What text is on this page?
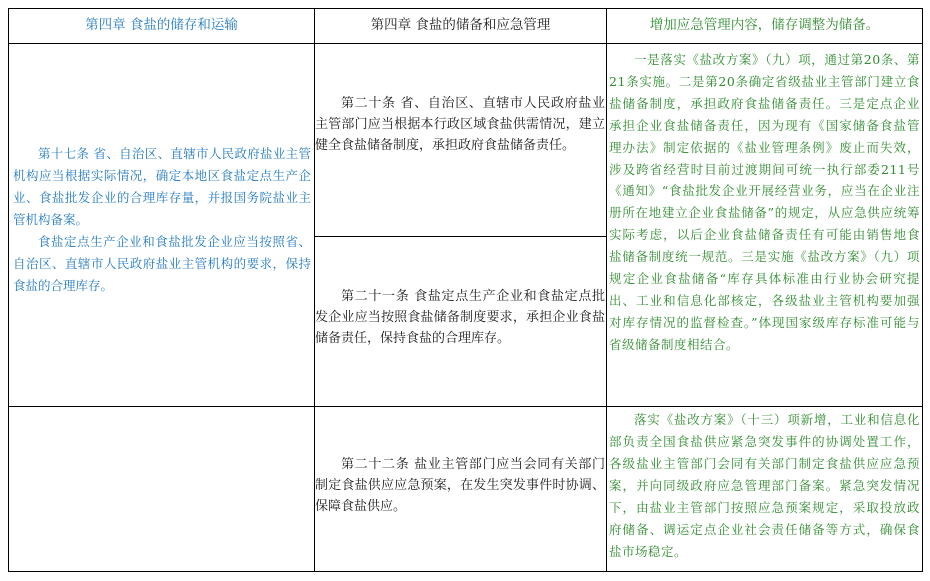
第四章 食盐的储存和运输	第四章 食盐的储备和应急管理	增加应急管理内容，储存调整为储备。

第十七条 省、自治区、直辖市人民政府盐业主管机构应当根据实际情况，确定本地区食盐定点生产企业、食盐批发企业的合理库存量，并报国务院盐业主管机构备案。

食盐定点生产企业和食盐批发企业应当按照省、自治区、直辖市人民政府盐业主管机构的要求，保持食盐的合理库存。

第二十条 省、自治区、直辖市人民政府盐业主管部门应当根据本行政区域食盐供需情况，建立健全食盐储备制度，承担政府食盐储备责任。

第二十一条 食盐定点生产企业和食盐定点批发企业应当按照食盐储备制度要求，承担企业食盐储备责任，保持食盐的合理库存。

一是落实《盐改方案》（九）项，通过第20条、第21条实施。二是第20条确定省级盐业主管部门建立食盐储备制度，承担政府食盐储备责任。三是定点企业承担企业食盐储备责任，因为现有《国家储备食盐管理办法》制定依据的《盐业管理条例》废止而失效，涉及跨省经营时目前过渡期间可统一执行部委211号《通知》“食盐批发企业开展经营业务，应当在企业注册所在地建立企业食盐储备”的规定，从应急供应统筹实际考虑，以后企业食盐储备责任有可能由销售地食盐储备制度统一规范。三是实施《盐改方案》（九）项规定企业食盐储备“库存具体标准由行业协会研究提出、工业和信息化部核定，各级盐业主管机构要加强对库存情况的监督检查。”体现国家级库存标准可能与省级储备制度相结合。

第二十二条 盐业主管部门应当会同有关部门制定食盐供应应急预案，在发生突发事件时协调、保障食盐供应。

落实《盐改方案》（十三）项新增，工业和信息化部负责全国食盐供应紧急突发事件的协调处置工作，各级盐业主管部门会同有关部门制定食盐供应应急预案，并向同级政府应急管理部门备案。紧急突发情况下，由盐业主管部门按照应急预案规定，采取投放政府储备、调运定点企业社会责任储备等方式，确保食盐市场稳定。
